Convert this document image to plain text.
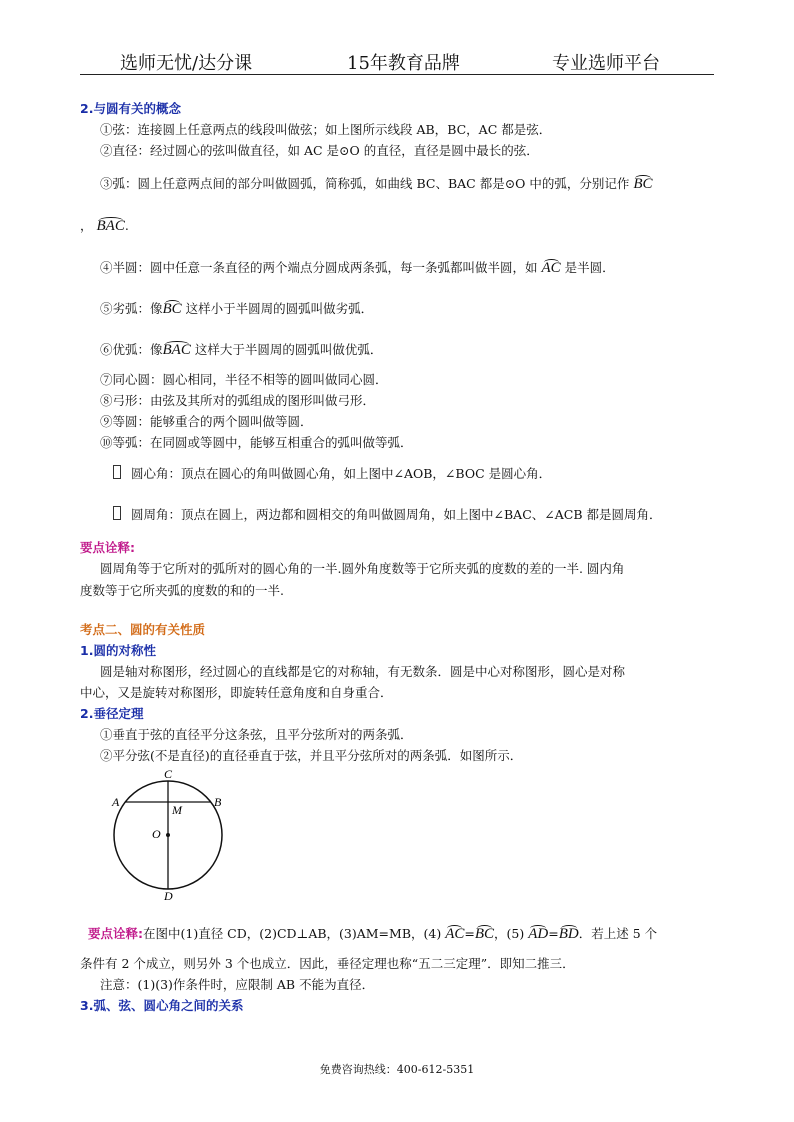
选师无忧/达分课	15年教育品牌	专业选师平台
2.与圆有关的概念
①弦：连接圆上任意两点的线段叫做弦；如上图所示线段 AB，BC，AC 都是弦．
②直径：经过圆心的弦叫做直径，如 AC 是⊙O 的直径，直径是圆中最长的弦．
③弧：圆上任意两点间的部分叫做圆弧，简称弧，如曲线 BC、BAC 都是⊙O 中的弧，分别记作 BC
， BAC.
④半圆：圆中任意一条直径的两个端点分圆成两条弧，每一条弧都叫做半圆，如 AC 是半圆．
⑤劣弧：像BC 这样小于半圆周的圆弧叫做劣弧．
⑥优弧：像BAC 这样大于半圆周的圆弧叫做优弧．
⑦同心圆：圆心相同，半径不相等的圆叫做同心圆．
⑧弓形：由弦及其所对的弧组成的图形叫做弓形．
⑨等圆：能够重合的两个圆叫做等圆．
⑩等弧：在同圆或等圆中，能够互相重合的弧叫做等弧．
圆心角：顶点在圆心的角叫做圆心角，如上图中∠AOB，∠BOC 是圆心角．
圆周角：顶点在圆上，两边都和圆相交的角叫做圆周角，如上图中∠BAC、∠ACB 都是圆周角．
要点诠释:
圆周角等于它所对的弧所对的圆心角的一半.圆外角度数等于它所夹弧的度数的差的一半. 圆内角
度数等于它所夹弧的度数的和的一半.
考点二、圆的有关性质
1.圆的对称性
圆是轴对称图形，经过圆心的直线都是它的对称轴，有无数条．圆是中心对称图形，圆心是对称
中心，又是旋转对称图形，即旋转任意角度和自身重合．
2.垂径定理
①垂直于弦的直径平分这条弦，且平分弦所对的两条弧．
②平分弦(不是直径)的直径垂直于弦，并且平分弦所对的两条弧．如图所示．
C
A	B
M
O
D
要点诠释:在图中(1)直径 CD，(2)CD⊥AB，(3)AM=MB，(4) AC=BC，(5) AD=BD．若上述 5 个
条件有 2 个成立，则另外 3 个也成立．因此，垂径定理也称“五二三定理”．即知二推三．
注意：(1)(3)作条件时，应限制 AB 不能为直径．
3.弧、弦、圆心角之间的关系
免费咨询热线：400-612-5351
